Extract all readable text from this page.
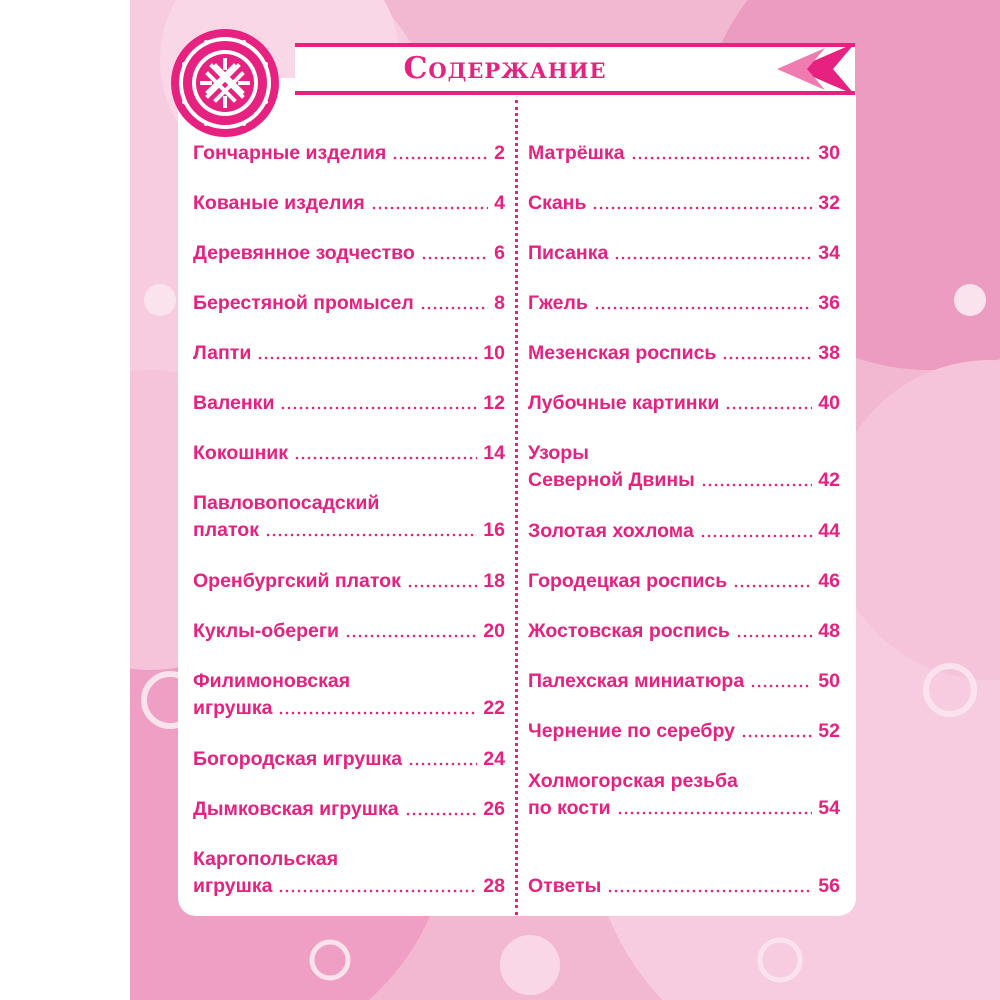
Содержание
Гончарные изделия	2
Кованые изделия	4
Деревянное зодчество	6
Берестяной промысел	8
Лапти	10
Валенки	12
Кокошник	14
Павловопосадский
платок	16
Оренбургский платок	18
Куклы-обереги	20
Филимоновская
игрушка	22
Богородская игрушка	24
Дымковская игрушка	26
Каргопольская
игрушка	28
Матрёшка	30
Скань	32
Писанка	34
Гжель	36
Мезенская роспись	38
Лубочные картинки	40
Узоры
Северной Двины	42
Золотая хохлома	44
Городецкая роспись	46
Жостовская роспись	48
Палехская миниатюра	50
Чернение по серебру	52
Холмогорская резьба
по кости	54
Ответы	56
